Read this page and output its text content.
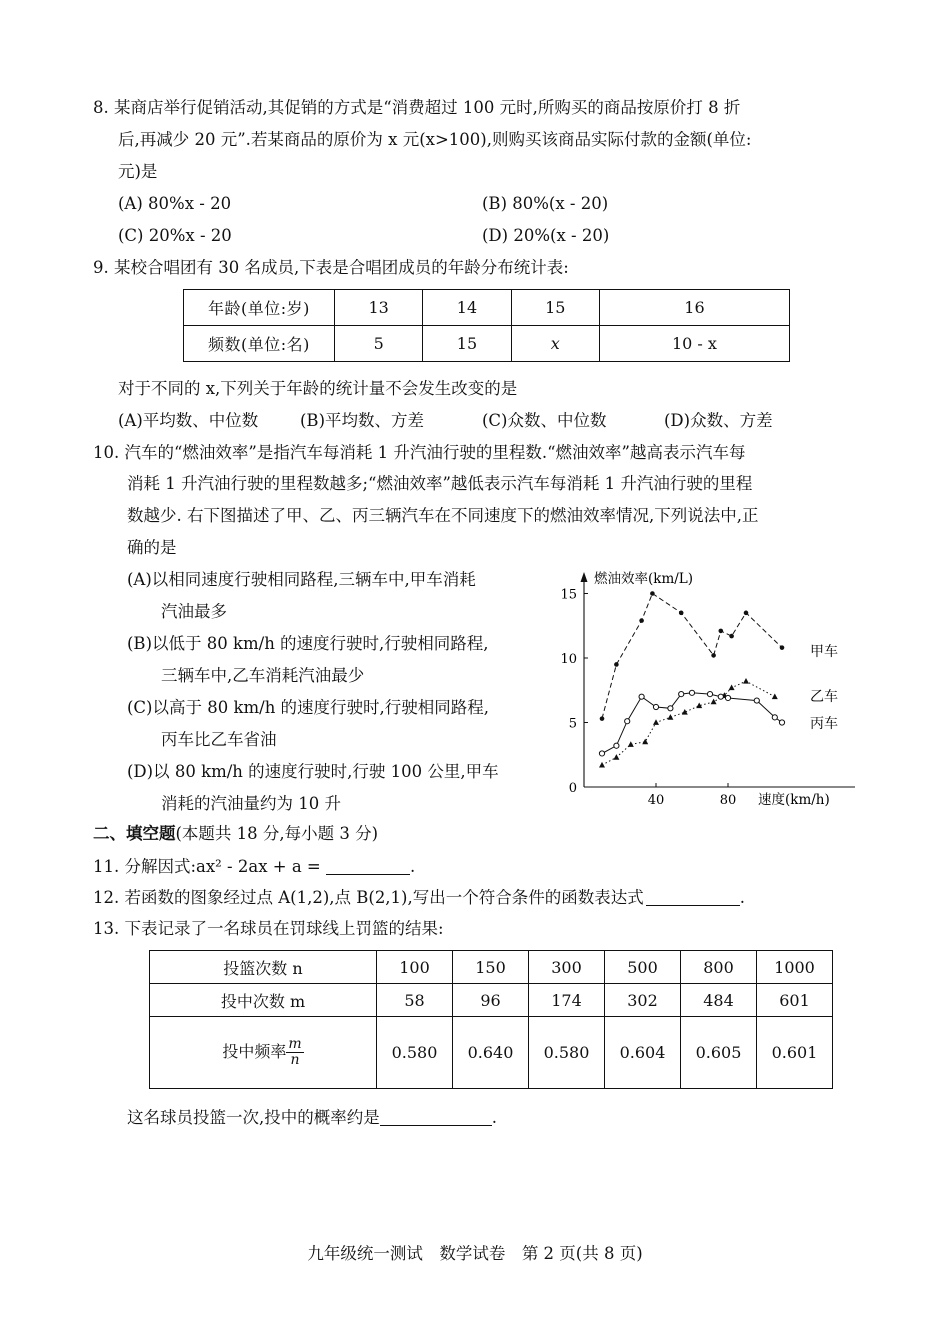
8. 某商店举行促销活动,其促销的方式是“消费超过 100 元时,所购买的商品按原价打 8 折
后,再减少 20 元”.若某商品的原价为 x 元(x>100),则购买该商品实际付款的金额(单位:
元)是
(A) 80%x - 20	(B) 80%(x - 20)
(C) 20%x - 20	(D) 20%(x - 20)
9. 某校合唱团有 30 名成员,下表是合唱团成员的年龄分布统计表:
年龄(单位:岁)	13	14	15	16
频数(单位:名)	5	15	x	10 - x
对于不同的 x,下列关于年龄的统计量不会发生改变的是
(A)平均数、中位数	(B)平均数、方差	(C)众数、中位数	(D)众数、方差
10. 汽车的“燃油效率”是指汽车每消耗 1 升汽油行驶的里程数.“燃油效率”越高表示汽车每
消耗 1 升汽油行驶的里程数越多;“燃油效率”越低表示汽车每消耗 1 升汽油行驶的里程
数越少. 右下图描述了甲、乙、丙三辆汽车在不同速度下的燃油效率情况,下列说法中,正
确的是
(A)以相同速度行驶相同路程,三辆车中,甲车消耗
汽油最多
(B)以低于 80 km/h 的速度行驶时,行驶相同路程,
三辆车中,乙车消耗汽油最少
(C)以高于 80 km/h 的速度行驶时,行驶相同路程,
丙车比乙车省油
(D)以 80 km/h 的速度行驶时,行驶 100 公里,甲车
消耗的汽油量约为 10 升
0
5
10
15
40	80
燃油效率(km/L)
速度(km/h)
甲车
乙车
丙车
二、填空题(本题共 18 分,每小题 3 分)
11. 分解因式:ax² - 2ax + a =	.
12. 若函数的图象经过点 A(1,2),点 B(2,1),写出一个符合条件的函数表达式	.
13. 下表记录了一名球员在罚球线上罚篮的结果:
投篮次数 n	100	150	300	500	800	1000
投中次数 m	58	96	174	302	484	601
投中频率 $\frac{m}{n}$	0.580	0.640	0.580	0.604	0.605	0.601
这名球员投篮一次,投中的概率约是	.
九年级统一测试　数学试卷　第 2 页(共 8 页)
